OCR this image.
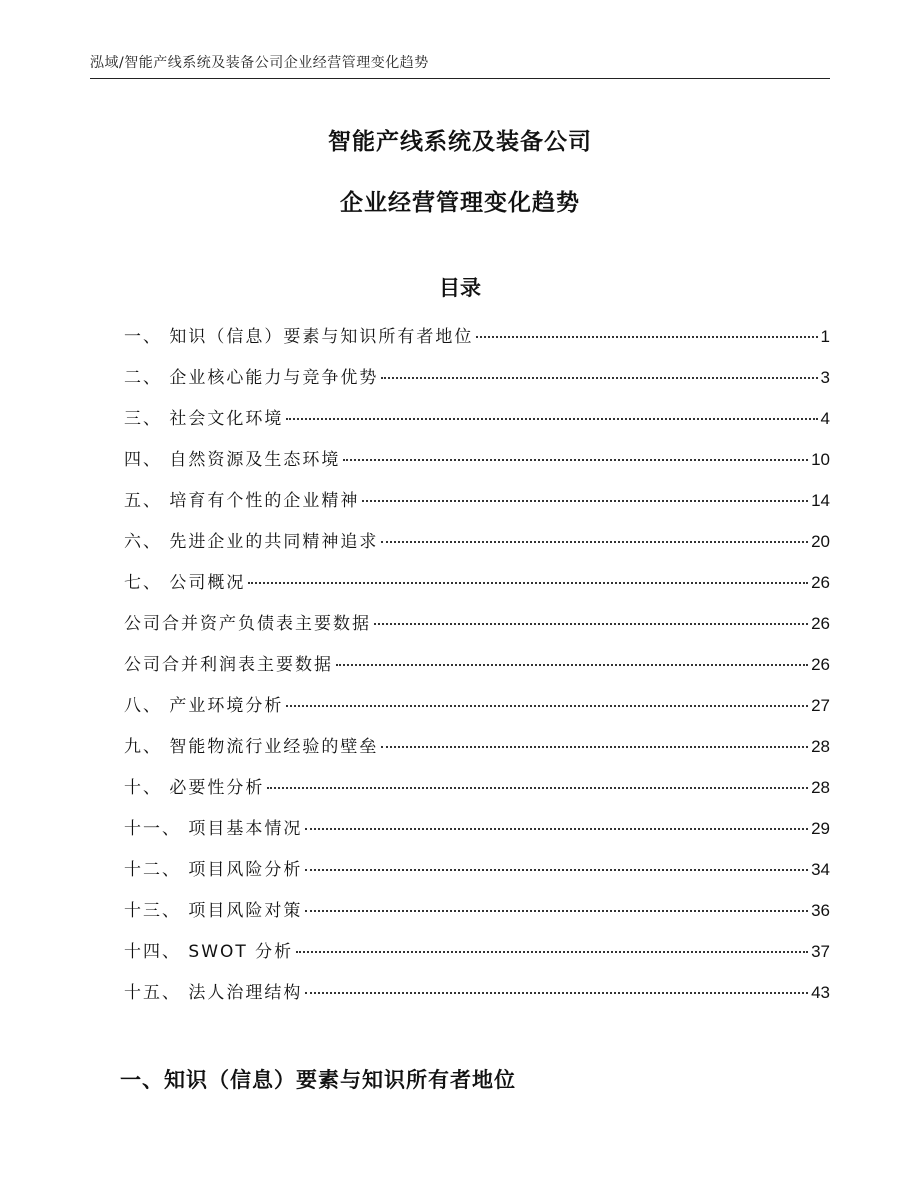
泓域/智能产线系统及装备公司企业经营管理变化趋势
智能产线系统及装备公司
企业经营管理变化趋势
目录
一、 知识（信息）要素与知识所有者地位	1
二、 企业核心能力与竞争优势	3
三、 社会文化环境	4
四、 自然资源及生态环境	10
五、 培育有个性的企业精神	14
六、 先进企业的共同精神追求	20
七、 公司概况	26
公司合并资产负债表主要数据	26
公司合并利润表主要数据	26
八、 产业环境分析	27
九、 智能物流行业经验的壁垒	28
十、 必要性分析	28
十一、 项目基本情况	29
十二、 项目风险分析	34
十三、 项目风险对策	36
十四、 SWOT 分析	37
十五、 法人治理结构	43
一、知识（信息）要素与知识所有者地位
